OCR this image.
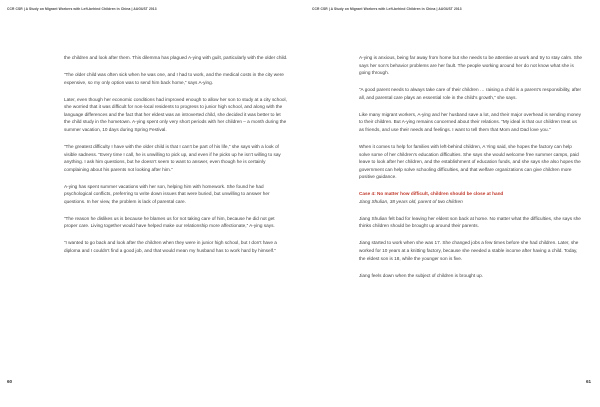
CCR CSR | A Study on Migrant Workers with Left-behind Children in China | AUGUST 2013	CCR CSR | A Study on Migrant Workers with Left-behind Children in China | AUGUST 2013

the children and look after them. This dilemma has plagued A-ying with guilt, particularly with the older child.

“The older child was often sick when he was one, and I had to work, and the medical costs in the city were expensive, so my only option was to send him back home,” says A-ying.

Later, even though her economic conditions had improved enough to allow her son to study at a city school, she worried that it was difficult for non-local residents to progress to junior high school, and along with the language differences and the fact that her eldest was an introverted child, she decided it was better to let the child study in the hometown. A-ying spent only very short periods with her children – a month during the summer vacation, 10 days during Spring Festival.

“The greatest difficulty I have with the older child is that I can’t be part of his life,” she says with a look of visible sadness. “Every time I call, he is unwilling to pick up, and even if he picks up he isn’t willing to say anything. I ask him questions, but he doesn’t seem to want to answer, even though he is certainly complaining about his parents not looking after him.”

A-ying has spent summer vacations with her son, helping him with homework. She found he had psychological conflicts, preferring to write down issues that were buried, but unwilling to answer her questions. In her view, the problem is lack of parental care.

“The reason he dislikes us is because he blames us for not taking care of him, because he did not get proper care. Living together would have helped make our relationship more affectionate,” A-ying says.

“I wanted to go back and look after the children when they were in junior high school, but I don’t have a diploma and I couldn’t find a good job, and that would mean my husband has to work hard by himself.”

A-ying is anxious, being far away from home but she needs to be attentive at work and try to stay calm. She says her son’s behavior problems are her fault. The people working around her do not know what she is going through.

“A good parent needs to always take care of their children … raising a child is a parent’s responsibility, after all, and parental care plays an essential role in the child’s growth,” she says.

Like many migrant workers, A-ying and her husband save a lot, and their major overhead is sending money to their children. But A-ying remains concerned about their relations. “My ideal is that our children treat us as friends, and use their needs and feelings. I want to tell them that Mom and Dad love you.”

When it comes to help for families with left-behind children, A Ying said, she hopes the factory can help solve some of her children’s education difficulties. She says she would welcome free summer camps, paid leave to look after her children, and the establishment of education funds, and she says she also hopes the government can help solve schooling difficulties, and that welfare organizations can give children more positive guidance.

Case 4: No matter how difficult, children should be close at hand

Jiang Shulian, 38 years old, parent of two children

Jiang Shulian felt bad for leaving her eldest son back at home. No matter what the difficulties, she says she thinks children should be brought up around their parents.

Jiang started to work when she was 17. She changed jobs a few times before she had children. Later, she worked for 10 years at a knitting factory, because she needed a stable income after having a child. Today, the eldest son is 18, while the younger son is five.

Jiang feels down when the subject of children is brought up.

60	61
